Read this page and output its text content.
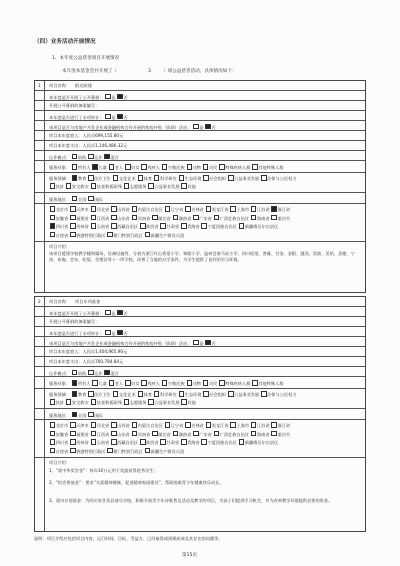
（四）业务活动开展情况
1、本年度公益慈善项目开展情况
本年度本基金会共开展了（	3	）项公益慈善活动，具体情况如下：
1 项目名称： 阳光助建
本年度是否开展了公开募捐： 是 否
开展公开募捐的备案编号：
本年度是否进行了专项审计： 是 否
该项目是否与房地产开发企业或金融机构合作开展的购房补贴（资助）活动： 是 否
项目本年度收入：人民币699,155.80元
项目本年度支出：人民币1,146,486.32元
运作模式： 资助 运作 混合
服务对象： 所有人 儿童 老人 妇女 残疾人 少数民族 动物 灾民 特殊疾病人群 其他特殊人群
服务领域： 教育 医疗卫生 文化艺术 体育 科学研究 生态环境 社会组织 公益事业发展 法律与公民权力
扶贫 安全救灾 扶老救孤助残 志愿服务 公益事业发展 其他
服务地区： 全国 国际
北京市 天津市 河北省 山西省 内蒙古自治区 辽宁省 吉林省 黑龙江省 上海市 江苏省 浙江省
安徽省 福建省 江西省 山东省 河南省 湖北省 湖南省 广东省 广西壮族自治区 海南省 重庆市
四川省 贵州省 云南省 西藏自治区 陕西省 甘肃省 青海省 宁夏回族自治区 新疆维吾尔自治区
台湾省 香港特别行政区 澳门特别行政区 新疆生产建设兵团
项目介绍：
该项目援建学校教学楼和操场、设备设施等，分别为浙江红山希望小学、和睦小学、温州苍南马站小学、四川昭觉、普雄、甘洛、金阳、越西、雷波、美姑、喜德、宁南、布拖、会东、昭觉、会理县等十一所学校，改善了当地的办学条件，为学生提供了良好的学习环境。
2 项目名称： 项目专项基金
本年度是否开展了公开募捐： 是 否
开展公开募捐的备案编号：
本年度是否进行了专项审计： 是 否
该项目是否与房地产开发企业或金融机构合作开展的购房补贴（资助）活动： 是 否
项目本年度收入：人民币1,404,965.90元
项目本年度支出：人民币700,784.84元
运作模式： 资助 运作 混合
服务对象： 所有人 儿童 老人 妇女 残疾人 少数民族 动物 灾民 特殊疾病人群 其他特殊人群
服务领域： 教育 医疗卫生 文化艺术 体育 科学研究 生态环境 社会组织 公益事业发展 法律与公民权力
扶贫 安全救灾 扶老救孤助残 志愿服务 公益事业发展 其他
服务地区： 全国 国际
北京市 天津市 河北省 山西省 内蒙古自治区 辽宁省 吉林省 黑龙江省 上海市 江苏省 浙江省
安徽省 福建省 江西省 山东省 河南省 湖北省 湖南省 广东省 广西壮族自治区 海南省 重庆市
四川省 贵州省 云南省 西藏自治区 陕西省 甘肃省 青海省 宁夏回族自治区 新疆维吾尔自治区
台湾省 香港特别行政区 澳门特别行政区 新疆生产建设兵团
项目介绍：
1、“爱中华奖学金”：每年10万元用于奖励获得优秀学生；
2、“恒会普基金”：要求“关爱精神健康，促进精神家园建设”，帮助困难青少年健康快乐成长。
3、爱诗计划基金：为四川省甘孜县部分学校，积极开展青少年诗歌普及活动及教学的项目，为孩子们提供学习机会，并为改善教学环境提供必要的资金。
说明：项目介绍应包括项目内容、运行时间、目标、受益方、已经取得或预期成效及其存在的问题等。
第15页
